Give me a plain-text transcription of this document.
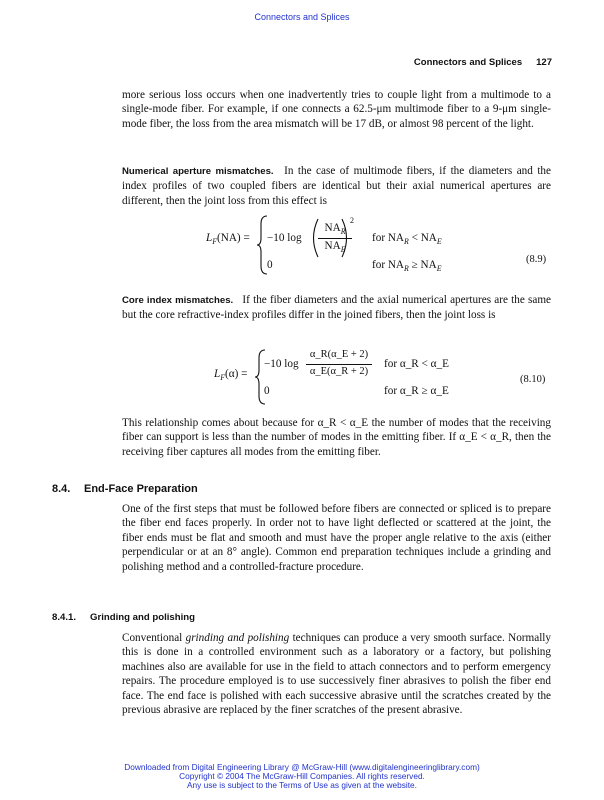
Connectors and Splices
Connectors and Splices 127
more serious loss occurs when one inadvertently tries to couple light from a multimode to a single-mode fiber. For example, if one connects a 62.5-μm multimode fiber to a 9-μm single-mode fiber, the loss from the area mismatch will be 17 dB, or almost 98 percent of the light.
Numerical aperture mismatches. In the case of multimode fibers, if the diameters and the index profiles of two coupled fibers are identical but their axial numerical apertures are different, then the joint loss from this effect is
$L_F(NA)$ =	−10 log
$NA_R$
$NA_E$
2
for $NA_R < NA_E$
0	for $NA_R \ge NA_E$
(8.9)
Core index mismatches. If the fiber diameters and the axial numerical apertures are the same but the core refractive-index profiles differ in the joined fibers, then the joint loss is
$L_F(\alpha)$ =
−10 log
α_R(α_E + 2)
α_E(α_R + 2)
for α_R < α_E
0	for α_R ≥ α_E
(8.10)
This relationship comes about because for α_R < α_E the number of modes that the receiving fiber can support is less than the number of modes in the emitting fiber. If α_E < α_R, then the receiving fiber captures all modes from the emitting fiber.
8.4. End-Face Preparation
One of the first steps that must be followed before fibers are connected or spliced is to prepare the fiber end faces properly. In order not to have light deflected or scattered at the joint, the fiber ends must be flat and smooth and must have the proper angle relative to the axis (either perpendicular or at an 8° angle). Common end preparation techniques include a grinding and polishing method and a controlled-fracture procedure.
8.4.1. Grinding and polishing
Conventional grinding and polishing techniques can produce a very smooth surface. Normally this is done in a controlled environment such as a laboratory or a factory, but polishing machines also are available for use in the field to attach connectors and to perform emergency repairs. The procedure employed is to use successively finer abrasives to polish the fiber end face. The end face is polished with each successive abrasive until the scratches created by the previous abrasive are replaced by the finer scratches of the present abrasive.
Downloaded from Digital Engineering Library @ McGraw-Hill (www.digitalengineeringlibrary.com)
Copyright © 2004 The McGraw-Hill Companies. All rights reserved.
Any use is subject to the Terms of Use as given at the website.
